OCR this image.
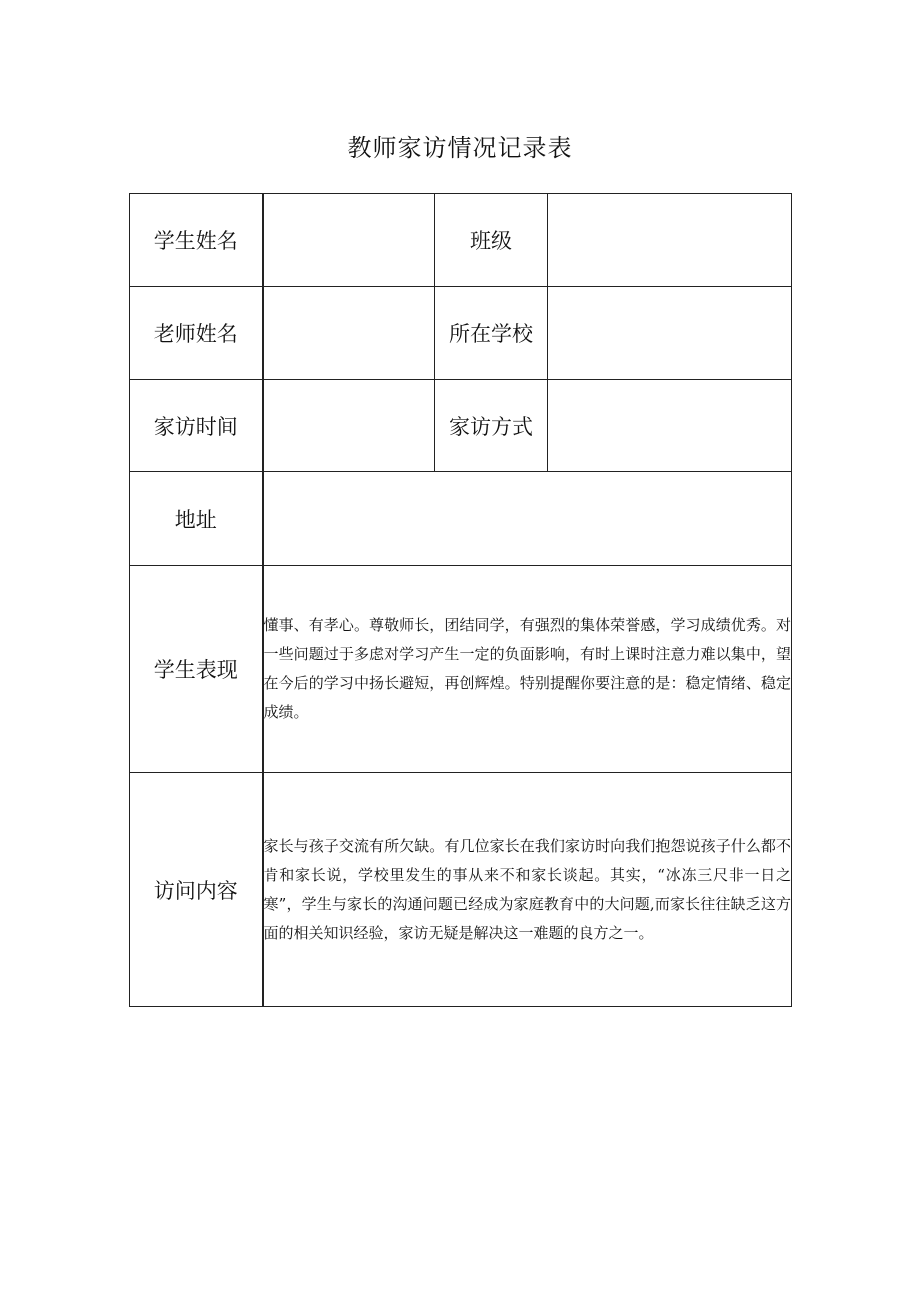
教师家访情况记录表
学生姓名		班级	
老师姓名		所在学校	
家访时间		家访方式	
地址			
学生表现	懂事、有孝心。尊敬师长，团结同学，有强烈的集体荣誉感，学习成绩优秀。对一些问题过于多虑对学习产生一定的负面影响，有时上课时注意力难以集中，望在今后的学习中扬长避短，再创辉煌。特别提醒你要注意的是：稳定情绪、稳定成绩。		

访问内容	家长与孩子交流有所欠缺。有几位家长在我们家访时向我们抱怨说孩子什么都不肯和家长说，学校里发生的事从来不和家长谈起。其实，“冰冻三尺非一日之寒”，学生与家长的沟通问题已经成为家庭教育中的大问题,而家长往往缺乏这方面的相关知识经验，家访无疑是解决这一难题的良方之一。		
